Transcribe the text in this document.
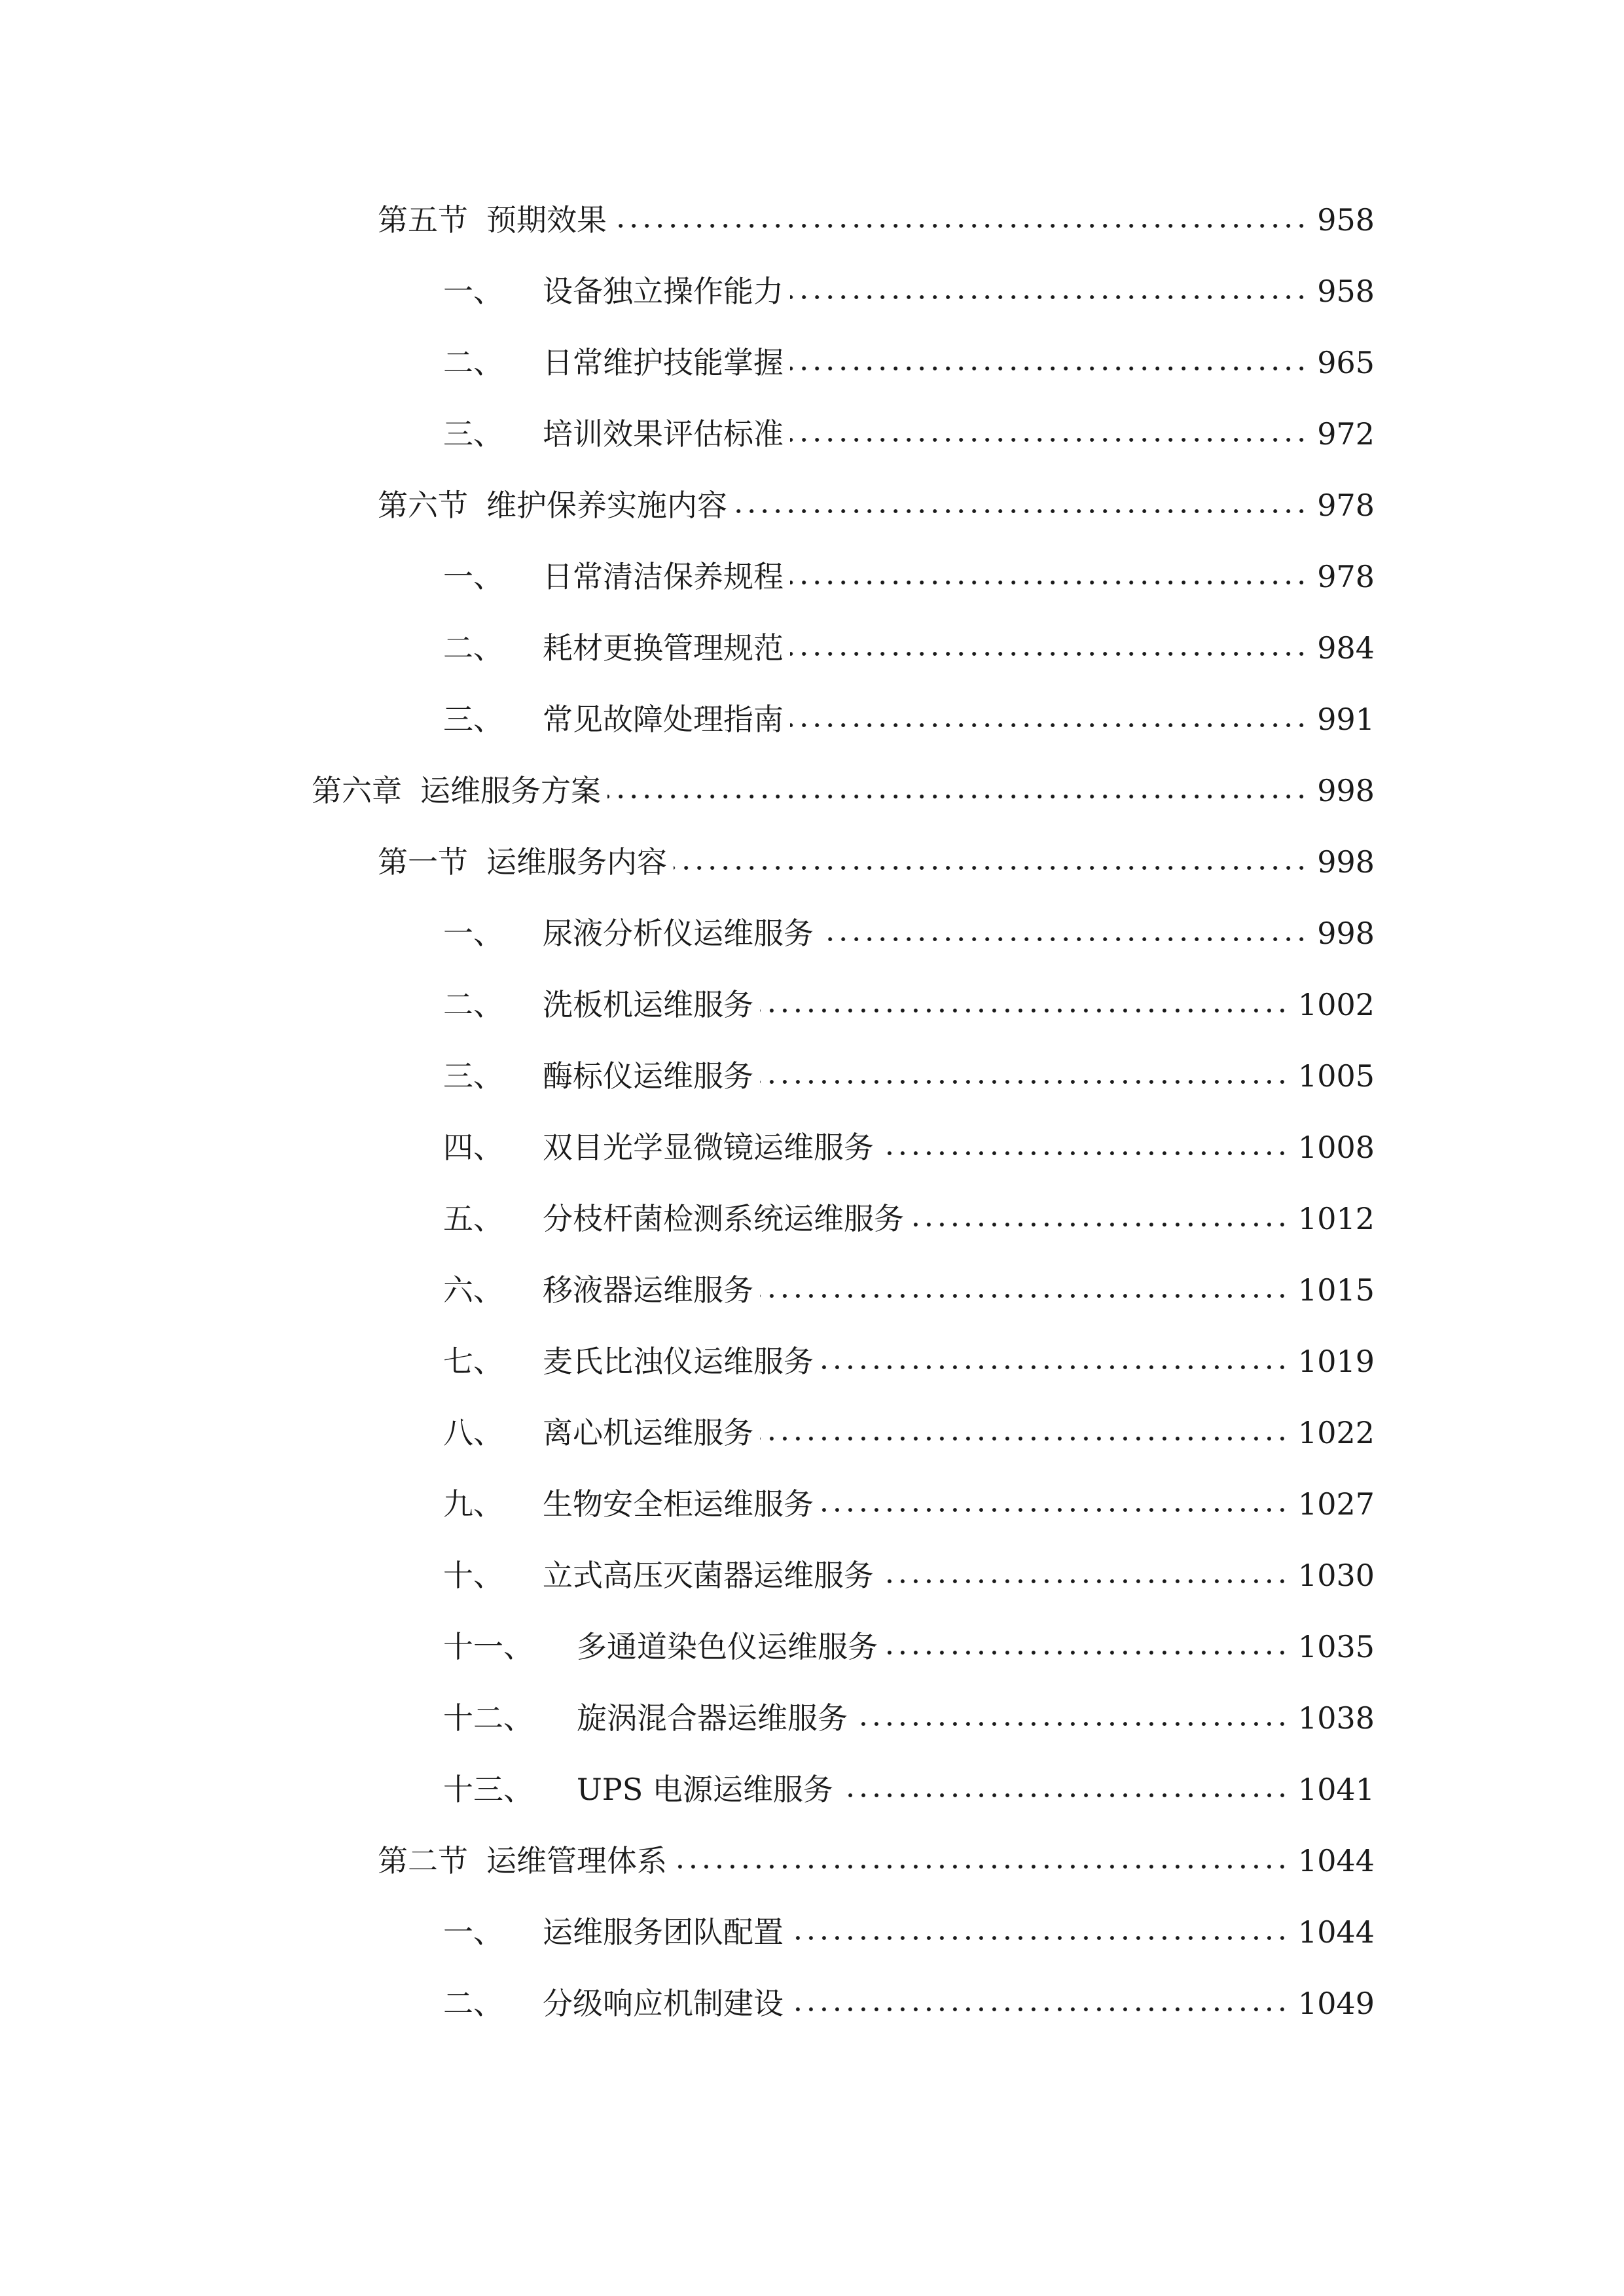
第五节 预期效果	958
一、	设备独立操作能力	958
二、	日常维护技能掌握	965
三、	培训效果评估标准	972
第六节 维护保养实施内容	978
一、	日常清洁保养规程	978
二、	耗材更换管理规范	984
三、	常见故障处理指南	991
第六章 运维服务方案	998
第一节 运维服务内容	998
一、	尿液分析仪运维服务	998
二、	洗板机运维服务	1002
三、	酶标仪运维服务	1005
四、	双目光学显微镜运维服务	1008
五、	分枝杆菌检测系统运维服务	1012
六、	移液器运维服务	1015
七、	麦氏比浊仪运维服务	1019
八、	离心机运维服务	1022
九、	生物安全柜运维服务	1027
十、	立式高压灭菌器运维服务	1030
十一、	多通道染色仪运维服务	1035
十二、	旋涡混合器运维服务	1038
十三、	UPS 电源运维服务	1041
第二节 运维管理体系	1044
一、	运维服务团队配置	1044
二、	分级响应机制建设	1049
